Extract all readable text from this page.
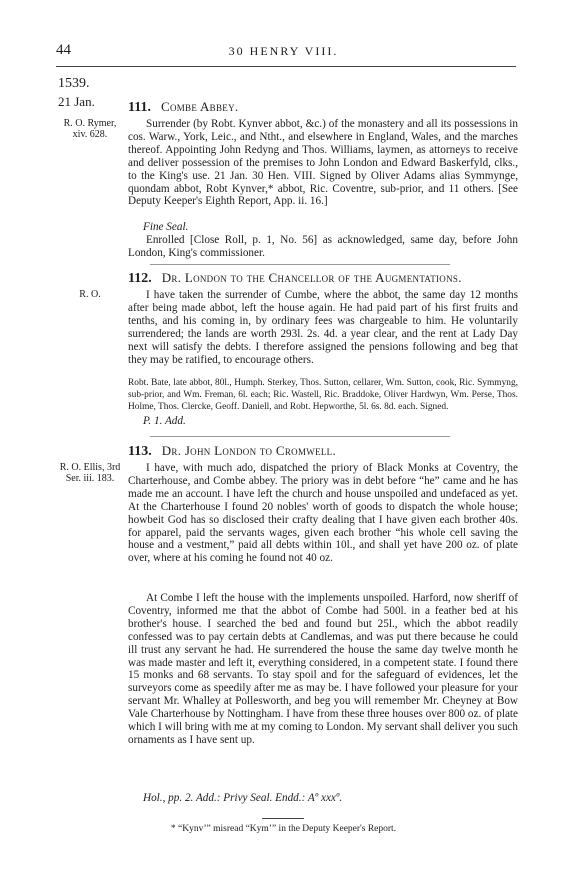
44	30 HENRY VIII.
1539.
21 Jan.
R. O. Rymer, xiv. 628.
R. O.
R. O. Ellis, 3rd Ser. iii. 183.
111. Combe Abbey.

Surrender (by Robt. Kynver abbot, &c.) of the monastery and all its possessions in cos. Warw., York, Leic., and Ntht., and elsewhere in England, Wales, and the marches thereof. Appointing John Redyng and Thos. Williams, laymen, as attorneys to receive and deliver possession of the premises to John London and Edward Baskerfyld, clks., to the King's use. 21 Jan. 30 Hen. VIII. Signed by Oliver Adams alias Symmynge, quondam abbot, Robt Kynver,* abbot, Ric. Coventre, sub-prior, and 11 others. [See Deputy Keeper's Eighth Report, App. ii. 16.]

Fine Seal.

Enrolled [Close Roll, p. 1, No. 56] as acknowledged, same day, before John London, King's commissioner.

112. Dr. London to the Chancellor of the Augmentations.

I have taken the surrender of Cumbe, where the abbot, the same day 12 months after being made abbot, left the house again. He had paid part of his first fruits and tenths, and his coming in, by ordinary fees was chargeable to him. He voluntarily surrendered; the lands are worth 293l. 2s. 4d. a year clear, and the rent at Lady Day next will satisfy the debts. I therefore assigned the pensions following and beg that they may be ratified, to encourage others.

Robt. Bate, late abbot, 80l., Humph. Sterkey, Thos. Sutton, cellarer, Wm. Sutton, cook, Ric. Symmyng, sub-prior, and Wm. Freman, 6l. each; Ric. Wastell, Ric. Braddoke, Oliver Hardwyn, Wm. Perse, Thos. Holme, Thos. Clercke, Geoff. Daniell, and Robt. Hepworthe, 5l. 6s. 8d. each. Signed.

P. 1. Add.
113. Dr. John London to Cromwell.

I have, with much ado, dispatched the priory of Black Monks at Coventry, the Charterhouse, and Combe abbey. The priory was in debt before “he” came and he has made me an account. I have left the church and house unspoiled and undefaced as yet. At the Charterhouse I found 20 nobles' worth of goods to dispatch the whole house; howbeit God has so disclosed their crafty dealing that I have given each brother 40s. for apparel, paid the servants wages, given each brother “his whole cell saving the house and a vestment,” paid all debts within 10l., and shall yet have 200 oz. of plate over, where at his coming he found not 40 oz.

At Combe I left the house with the implements unspoiled. Harford, now sheriff of Coventry, informed me that the abbot of Combe had 500l. in a feather bed at his brother's house. I searched the bed and found but 25l., which the abbot readily confessed was to pay certain debts at Candlemas, and was put there because he could ill trust any servant he had. He surrendered the house the same day twelve month he was made master and left it, everything considered, in a competent state. I found there 15 monks and 68 servants. To stay spoil and for the safeguard of evidences, let the surveyors come as speedily after me as may be. I have followed your pleasure for your servant Mr. Whalley at Pollesworth, and beg you will remember Mr. Cheyney at Bow Vale Charterhouse by Nottingham. I have from these three houses over 800 oz. of plate which I will bring with me at my coming to London. My servant shall deliver you such ornaments as I have sent up.

Hol., pp. 2. Add.: Privy Seal. Endd.: Aº xxxº.
* “Kynv’” misread “Kym’” in the Deputy Keeper's Report.
